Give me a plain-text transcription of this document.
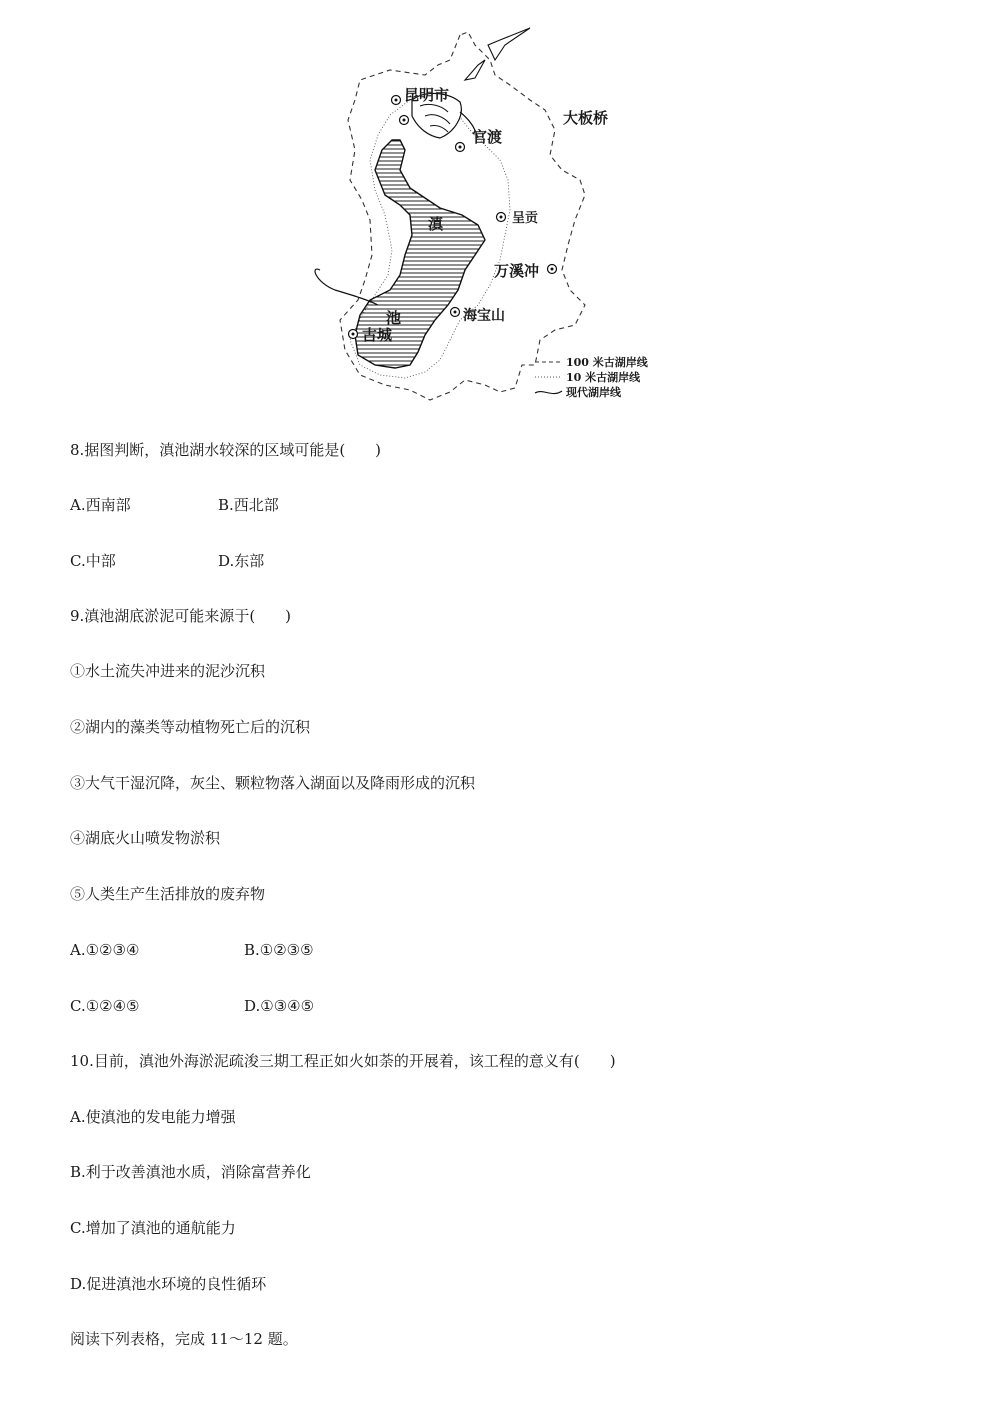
昆明市
官渡
大板桥
呈贡
滇
万溪冲
池	海宝山
古城
100 米古湖岸线
10 米古湖岸线
现代湖岸线
8.据图判断，滇池湖水较深的区域可能是(　　)
A.西南部	B.西北部
C.中部	D.东部
9.滇池湖底淤泥可能来源于(　　)
①水土流失冲进来的泥沙沉积
②湖内的藻类等动植物死亡后的沉积
③大气干湿沉降，灰尘、颗粒物落入湖面以及降雨形成的沉积
④湖底火山喷发物淤积
⑤人类生产生活排放的废弃物
A.①②③④	B.①②③⑤
C.①②④⑤	D.①③④⑤
10.目前，滇池外海淤泥疏浚三期工程正如火如荼的开展着，该工程的意义有(　　)
A.使滇池的发电能力增强
B.利于改善滇池水质，消除富营养化
C.增加了滇池的通航能力
D.促进滇池水环境的良性循环
阅读下列表格，完成 11～12 题。
